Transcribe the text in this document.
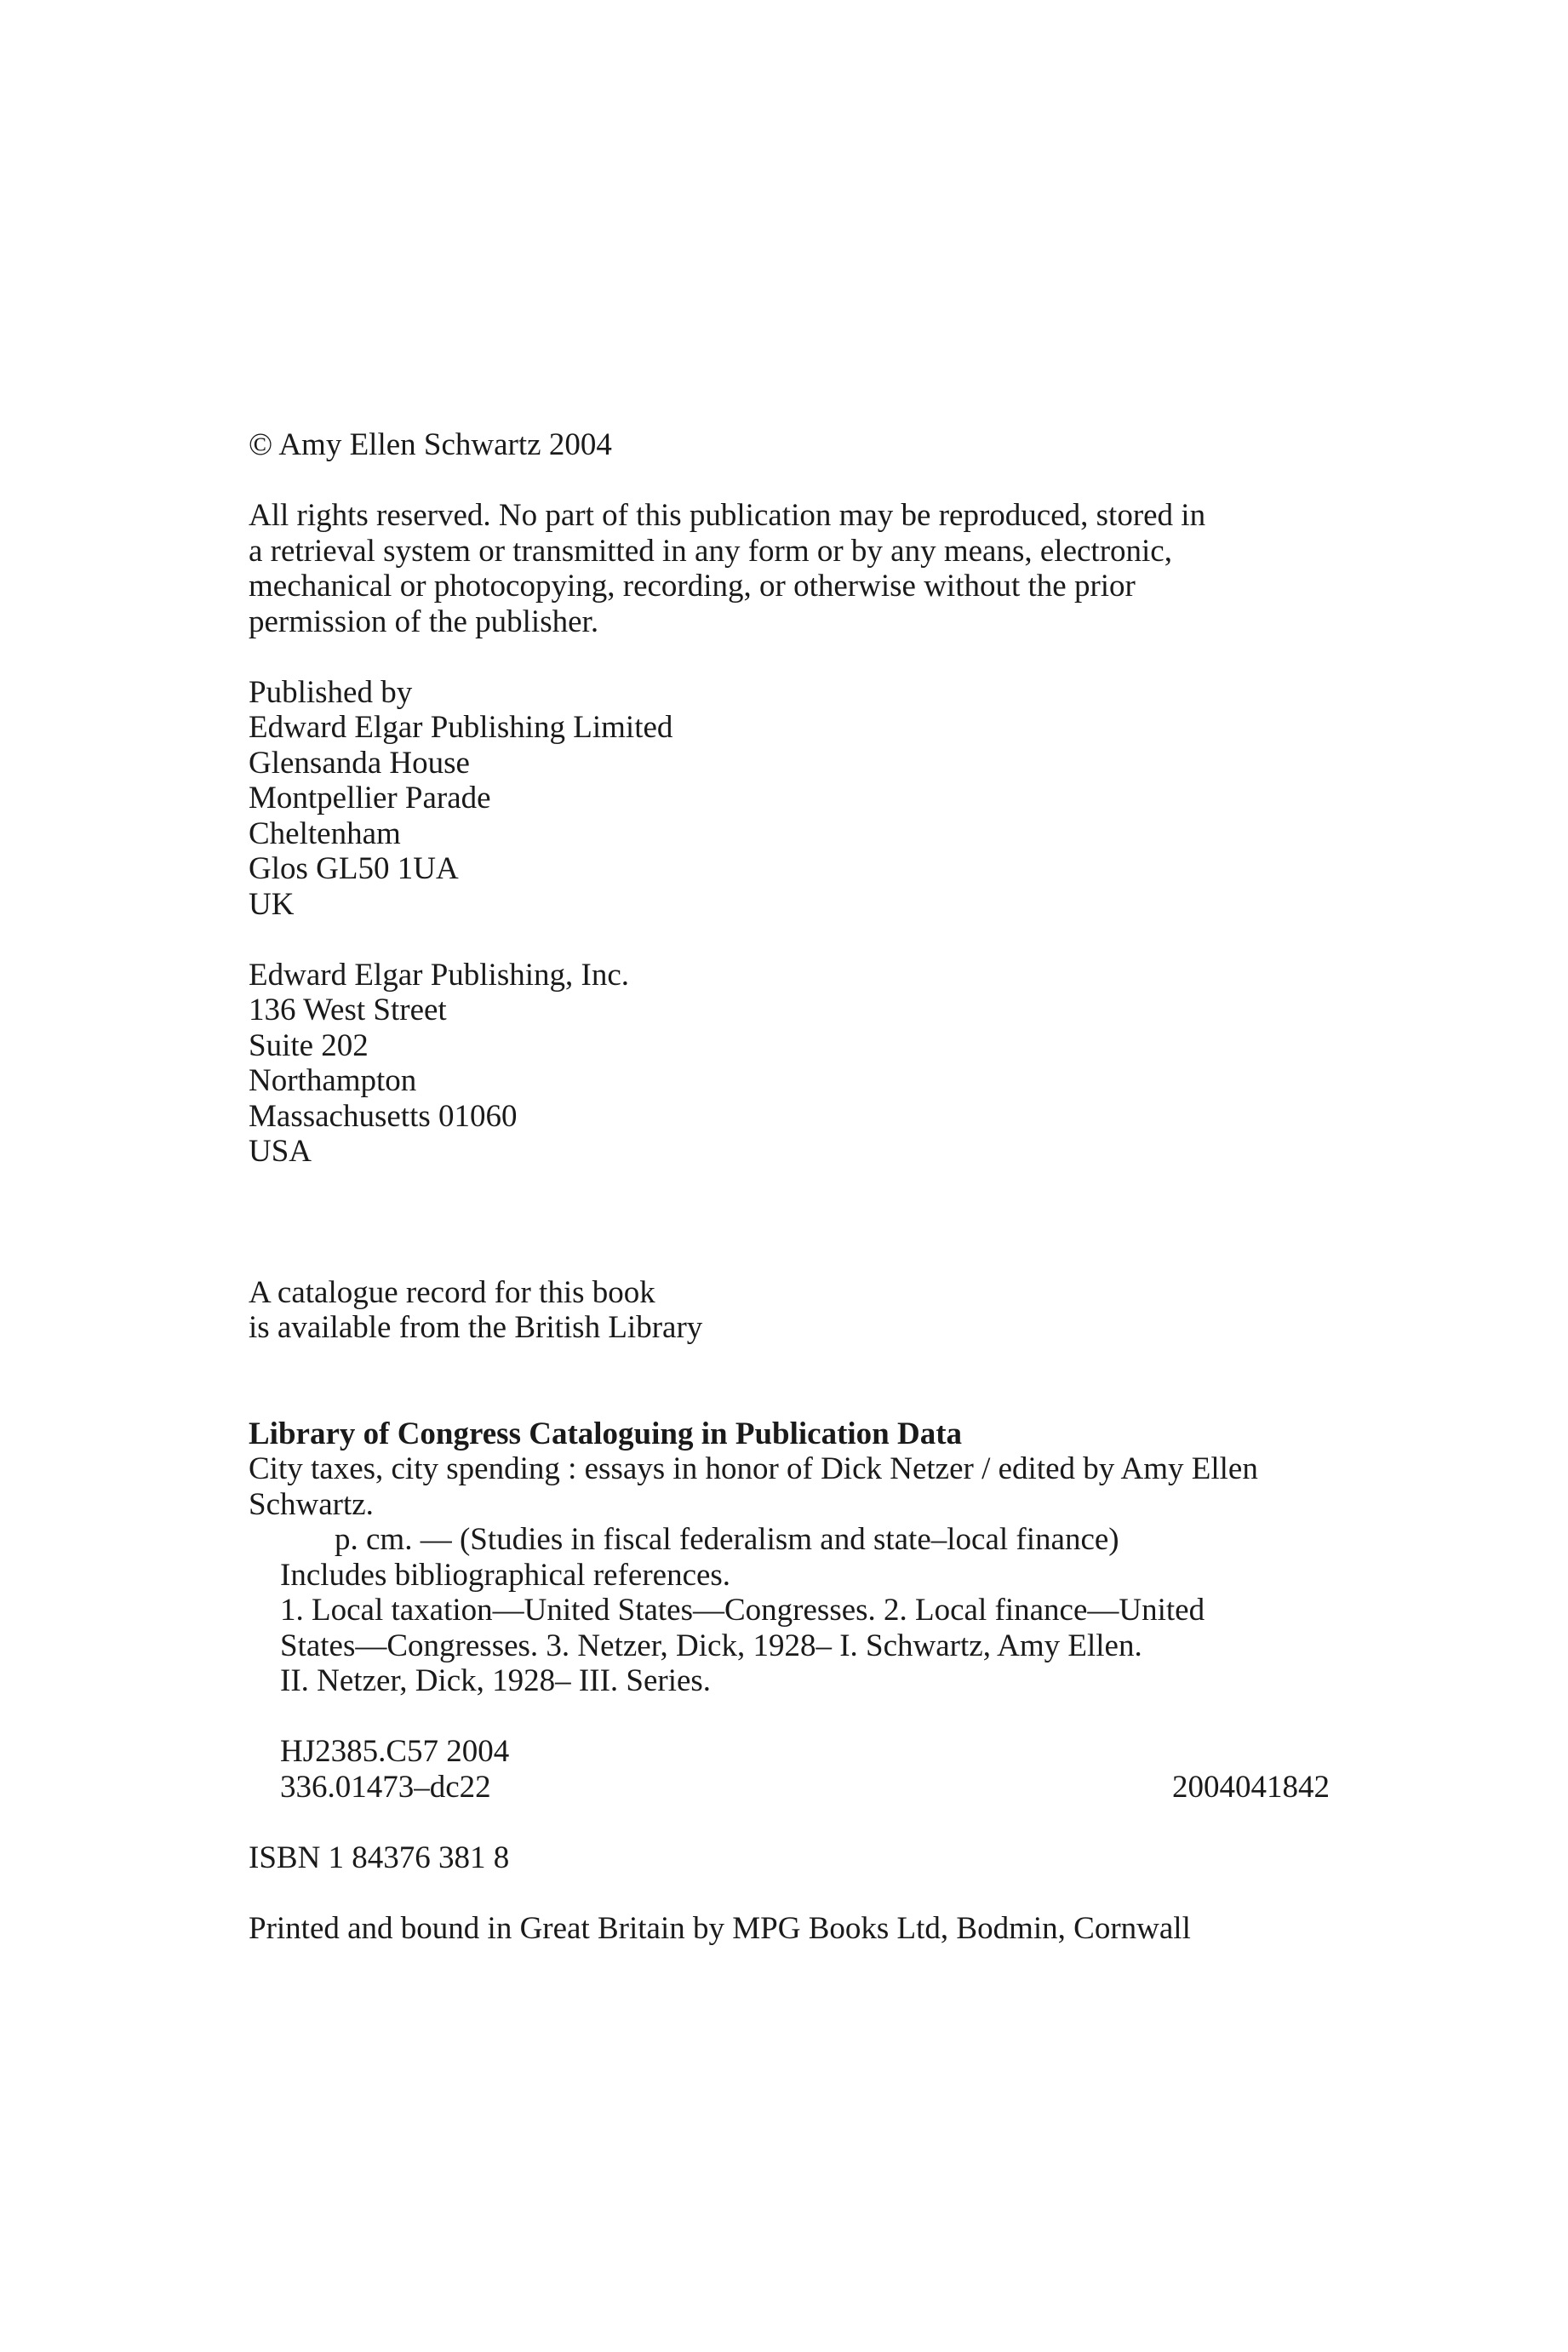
© Amy Ellen Schwartz 2004
All rights reserved. No part of this publication may be reproduced, stored in
a retrieval system or transmitted in any form or by any means, electronic,
mechanical or photocopying, recording, or otherwise without the prior
permission of the publisher.
Published by
Edward Elgar Publishing Limited
Glensanda House
Montpellier Parade
Cheltenham
Glos GL50 1UA
UK
Edward Elgar Publishing, Inc.
136 West Street
Suite 202
Northampton
Massachusetts 01060
USA
A catalogue record for this book
is available from the British Library
Library of Congress Cataloguing in Publication Data
City taxes, city spending : essays in honor of Dick Netzer / edited by Amy Ellen
Schwartz.
p. cm. — (Studies in fiscal federalism and state–local finance)
Includes bibliographical references.
1. Local taxation—United States—Congresses. 2. Local finance—United
States—Congresses. 3. Netzer, Dick, 1928– I. Schwartz, Amy Ellen.
II. Netzer, Dick, 1928– III. Series.
HJ2385.C57 2004
336.01473–dc22	2004041842
ISBN 1 84376 381 8
Printed and bound in Great Britain by MPG Books Ltd, Bodmin, Cornwall
